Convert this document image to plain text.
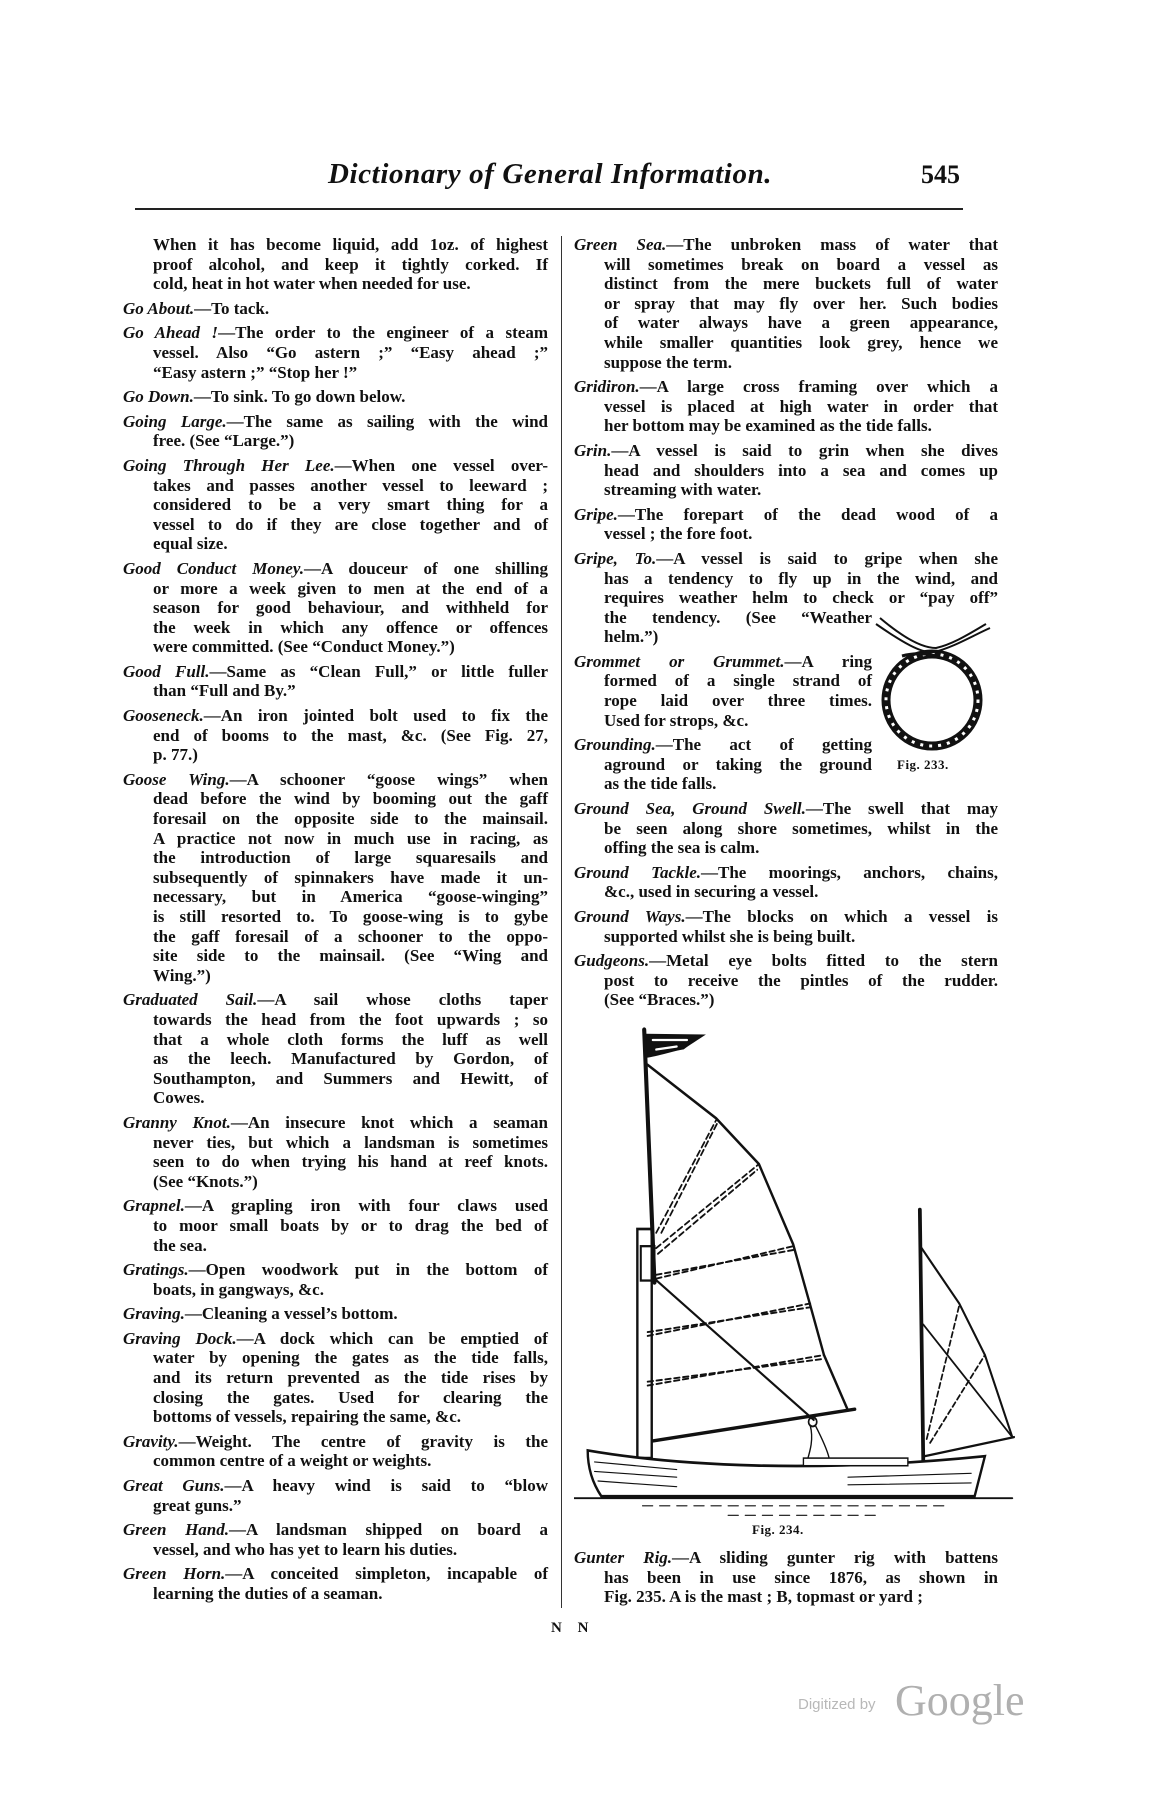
Dictionary of General Information.	545
When it has become liquid, add 1oz. of highest
proof alcohol, and keep it tightly corked. If
cold, heat in hot water when needed for use.
Go About.—To tack.
Go Ahead !—The order to the engineer of a steam
vessel. Also “Go astern ;” “Easy ahead ;”
“Easy astern ;” “Stop her !”
Go Down.—To sink. To go down below.
Going Large.—The same as sailing with the wind
free. (See “Large.”)
Going Through Her Lee.—When one vessel over-
takes and passes another vessel to leeward ;
considered to be a very smart thing for a
vessel to do if they are close together and of
equal size.
Good Conduct Money.—A douceur of one shilling
or more a week given to men at the end of a
season for good behaviour, and withheld for
the week in which any offence or offences
were committed. (See “Conduct Money.”)
Good Full.—Same as “Clean Full,” or little fuller
than “Full and By.”
Gooseneck.—An iron jointed bolt used to fix the
end of booms to the mast, &c. (See Fig. 27,
p. 77.)
Goose Wing.—A schooner “goose wings” when
dead before the wind by booming out the gaff
foresail on the opposite side to the mainsail.
A practice not now in much use in racing, as
the introduction of large squaresails and
subsequently of spinnakers have made it un-
necessary, but in America “goose-winging”
is still resorted to. To goose-wing is to gybe
the gaff foresail of a schooner to the oppo-
site side to the mainsail. (See “Wing and
Wing.”)
Graduated Sail.—A sail whose cloths taper
towards the head from the foot upwards ; so
that a whole cloth forms the luff as well
as the leech. Manufactured by Gordon, of
Southampton, and Summers and Hewitt, of
Cowes.
Granny Knot.—An insecure knot which a seaman
never ties, but which a landsman is sometimes
seen to do when trying his hand at reef knots.
(See “Knots.”)
Grapnel.—A grapling iron with four claws used
to moor small boats by or to drag the bed of
the sea.
Gratings.—Open woodwork put in the bottom of
boats, in gangways, &c.
Graving.—Cleaning a vessel’s bottom.
Graving Dock.—A dock which can be emptied of
water by opening the gates as the tide falls,
and its return prevented as the tide rises by
closing the gates. Used for clearing the
bottoms of vessels, repairing the same, &c.
Gravity.—Weight. The centre of gravity is the
common centre of a weight or weights.
Great Guns.—A heavy wind is said to “blow
great guns.”
Green Hand.—A landsman shipped on board a
vessel, and who has yet to learn his duties.
Green Horn.—A conceited simpleton, incapable of
learning the duties of a seaman.
Green Sea.—The unbroken mass of water that
will sometimes break on board a vessel as
distinct from the mere buckets full of water
or spray that may fly over her. Such bodies
of water always have a green appearance,
while smaller quantities look grey, hence we
suppose the term.
Gridiron.—A large cross framing over which a
vessel is placed at high water in order that
her bottom may be examined as the tide falls.
Grin.—A vessel is said to grin when she dives
head and shoulders into a sea and comes up
streaming with water.
Gripe.—The forepart of the dead wood of a
vessel ; the fore foot.
Gripe, To.—A vessel is said to gripe when she
has a tendency to fly up in the wind, and
requires weather helm to check or “pay off”
the tendency. (See “Weather
helm.”)
Grommet or Grummet.—A ring
formed of a single strand of
rope laid over three times.
Used for strops, &c.
Grounding.—The act of getting
aground or taking the ground
as the tide falls.
Ground Sea, Ground Swell.—The swell that may
be seen along shore sometimes, whilst in the
offing the sea is calm.
Ground Tackle.—The moorings, anchors, chains,
&c., used in securing a vessel.
Ground Ways.—The blocks on which a vessel is
supported whilst she is being built.
Gudgeons.—Metal eye bolts fitted to the stern
post to receive the pintles of the rudder.
(See “Braces.”)
Fig. 233.
Fig. 234.
Gunter Rig.—A sliding gunter rig with battens
has been in use since 1876, as shown in
Fig. 235. A is the mast ; B, topmast or yard ;
N N
Digitized by Google
